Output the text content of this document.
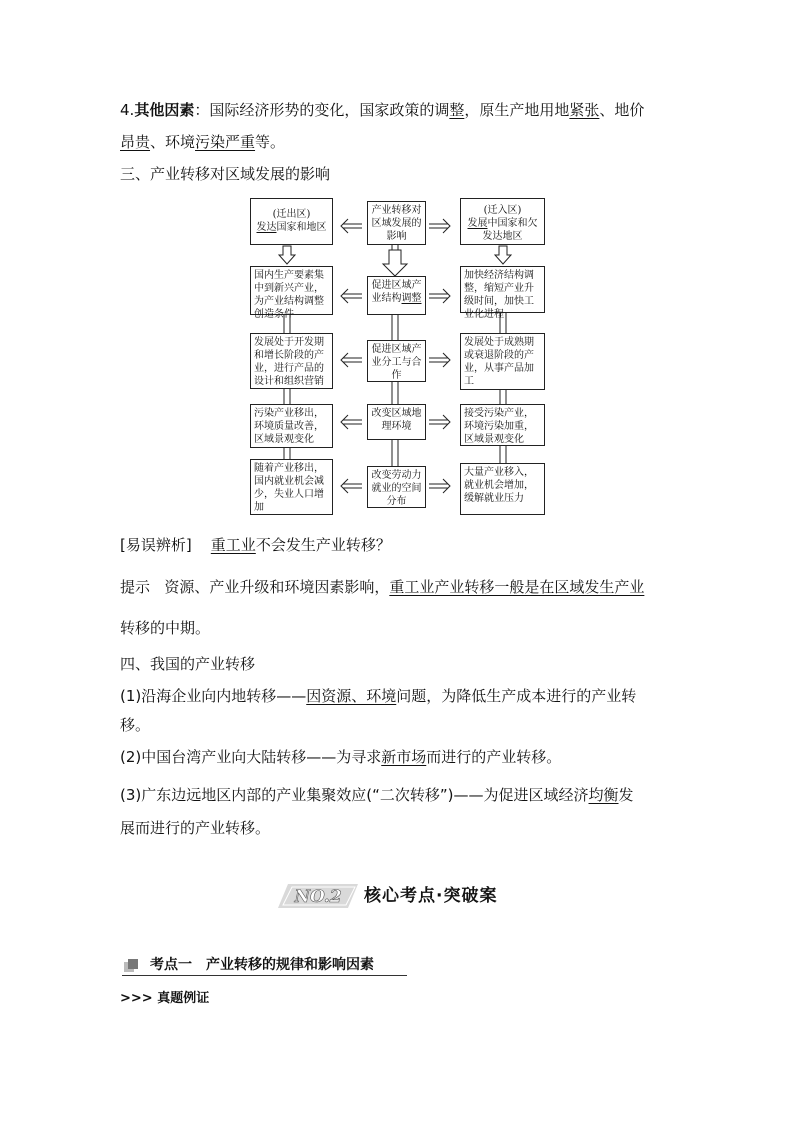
4.其他因素：国际经济形势的变化，国家政策的调整，原生产地用地紧张、地价
昂贵、环境污染严重等。
三、产业转移对区域发展的影响
(迁出区)
发达国家和地区
产业转移对区域发展的影响
(迁入区)
发展中国家和欠发达地区
国内生产要素集中到新兴产业，为产业结构调整创造条件
促进区域产业结构调整
加快经济结构调整，缩短产业升级时间，加快工业化进程
发展处于开发期和增长阶段的产业，进行产品的设计和组织营销
促进区域产业分工与合作
发展处于成熟期或衰退阶段的产业，从事产品加工
污染产业移出，环境质量改善，区域景观变化
改变区域地理环境
接受污染产业，环境污染加重，区域景观变化
随着产业移出，国内就业机会减少，失业人口增加
改变劳动力就业的空间分布
大量产业移入，就业机会增加，缓解就业压力
[易误辨析] 重工业不会发生产业转移？
提示 资源、产业升级和环境因素影响，重工业产业转移一般是在区域发生产业
转移的中期。
四、我国的产业转移
(1)沿海企业向内地转移——因资源、环境问题，为降低生产成本进行的产业转
移。
(2)中国台湾产业向大陆转移——为寻求新市场而进行的产业转移。
(3)广东边远地区内部的产业集聚效应(“二次转移”)——为促进区域经济均衡发
展而进行的产业转移。
NO.2 核心考点·突破案
考点一　产业转移的规律和影响因素
>>> 真题例证
